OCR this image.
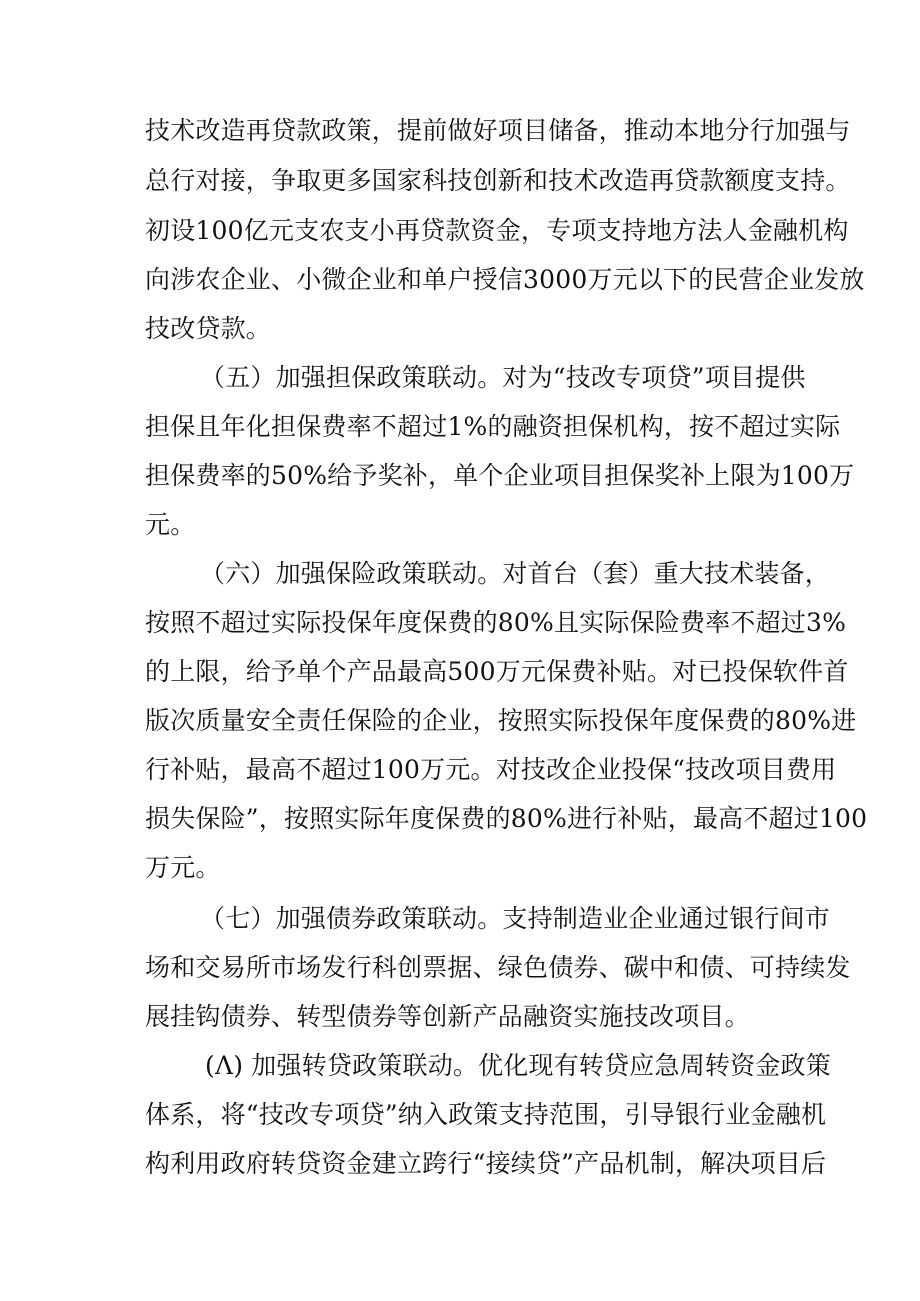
技术改造再贷款政策，提前做好项目储备，推动本地分行加强与
总行对接，争取更多国家科技创新和技术改造再贷款额度支持。
初设100亿元支农支小再贷款资金，专项支持地方法人金融机构
向涉农企业、小微企业和单户授信3000万元以下的民营企业发放
技改贷款。
（五）加强担保政策联动。对为“技改专项贷”项目提供
担保且年化担保费率不超过1%的融资担保机构，按不超过实际
担保费率的50%给予奖补，单个企业项目担保奖补上限为100万
元。
（六）加强保险政策联动。对首台（套）重大技术装备，
按照不超过实际投保年度保费的80%且实际保险费率不超过3%
的上限，给予单个产品最高500万元保费补贴。对已投保软件首
版次质量安全责任保险的企业，按照实际投保年度保费的80%进
行补贴，最高不超过100万元。对技改企业投保“技改项目费用
损失保险”，按照实际年度保费的80%进行补贴，最高不超过100
万元。
（七）加强债券政策联动。支持制造业企业通过银行间市
场和交易所市场发行科创票据、绿色债券、碳中和债、可持续发
展挂钩债券、转型债券等创新产品融资实施技改项目。
(Λ) 加强转贷政策联动。优化现有转贷应急周转资金政策
体系，将“技改专项贷”纳入政策支持范围，引导银行业金融机
构利用政府转贷资金建立跨行“接续贷”产品机制，解决项目后
